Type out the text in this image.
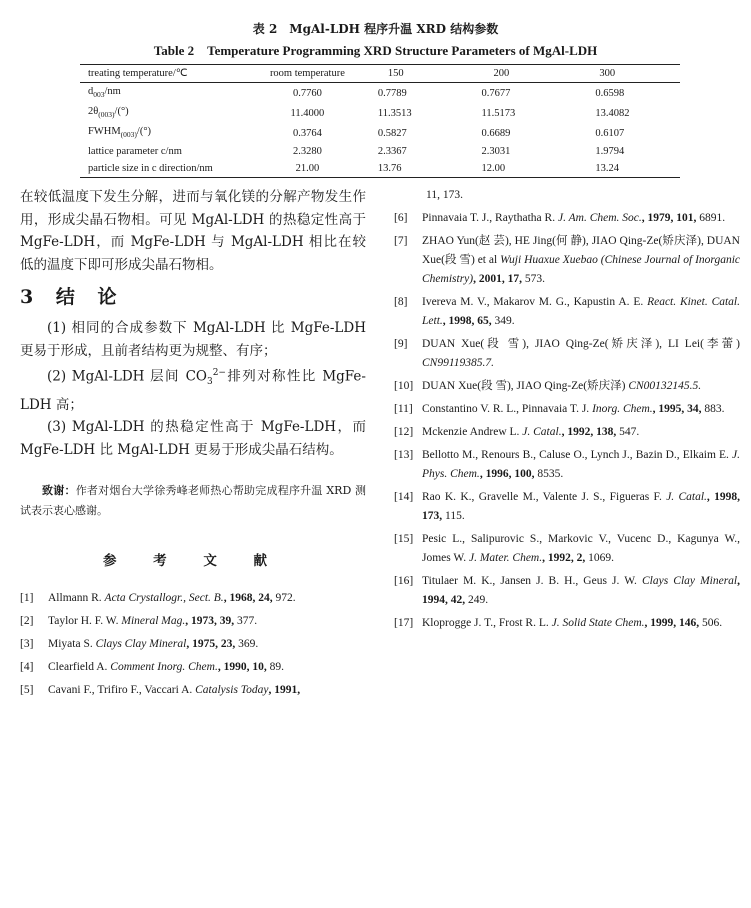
表 2　MgAl-LDH 程序升温 XRD 结构参数
Table 2　Temperature Programming XRD Structure Parameters of MgAl-LDH
treating temperature/℃	room temperature	150	200	300
$d_{003}/nm$	0.7760	0.7789	0.7677	0.6598
$2\theta_{(003)}/(^\circ)$	11.4000	11.3513	11.5173	13.4082
$FWHM_{(003)}/(^\circ)$	0.3764	0.5827	0.6689	0.6107
lattice parameter c/nm	2.3280	2.3367	2.3031	1.9794
particle size in c direction/nm	21.00	13.76	12.00	13.24

在较低温度下发生分解，进而与氧化镁的分解产物发生作用，形成尖晶石物相。可见 MgAl-LDH 的热稳定性高于 MgFe-LDH，而 MgFe-LDH 与 MgAl-LDH 相比在较低的温度下即可形成尖晶石物相。

3 结 论

(1) 相同的合成参数下 MgAl-LDH 比 MgFe-LDH 更易于形成，且前者结构更为规整、有序；

(2) MgAl-LDH 层间 $CO_3^{2-}$排列对称性比 MgFe-LDH 高；

(3) MgAl-LDH 的热稳定性高于 MgFe-LDH，而 MgFe-LDH 比 MgAl-LDH 更易于形成尖晶石结构。

致谢：作者对烟台大学徐秀峰老师热心帮助完成程序升温 XRD 测试表示衷心感谢。

参 考 文 献
[1] Allmann R. Acta Crystallogr., Sect. B., 1968, 24, 972.
[2] Taylor H. F. W. Mineral Mag., 1973, 39, 377.
[3] Miyata S. Clays Clay Mineral, 1975, 23, 369.
[4] Clearfield A. Comment Inorg. Chem., 1990, 10, 89.
[5] Cavani F., Trifiro F., Vaccari A. Catalysis Today, 1991,
11, 173.
[6] Pinnavaia T. J., Raythatha R. J. Am. Chem. Soc., 1979, 101, 6891.
[7] ZHAO Yun(赵 芸), HE Jing(何 静), JIAO Qing-Ze(矫庆泽), DUAN Xue(段 雪) et al Wuji Huaxue Xuebao (Chinese Journal of Inorganic Chemistry), 2001, 17, 573.
[8] Ivereva M. V., Makarov M. G., Kapustin A. E. React. Kinet. Catal. Lett., 1998, 65, 349.
[9] DUAN Xue(段 雪), JIAO Qing-Ze(矫庆泽), LI Lei(李蕾) CN99119385.7.
[10] DUAN Xue(段 雪), JIAO Qing-Ze(矫庆泽) CN00132145.5.
[11] Constantino V. R. L., Pinnavaia T. J. Inorg. Chem., 1995, 34, 883.
[12] Mckenzie Andrew L. J. Catal., 1992, 138, 547.
[13] Bellotto M., Renours B., Caluse O., Lynch J., Bazin D., Elkaim E. J. Phys. Chem., 1996, 100, 8535.
[14] Rao K. K., Gravelle M., Valente J. S., Figueras F. J. Catal., 1998, 173, 115.
[15] Pesic L., Salipurovic S., Markovic V., Vucenc D., Kagunya W., Jomes W. J. Mater. Chem., 1992, 2, 1069.
[16] Titulaer M. K., Jansen J. B. H., Geus J. W. Clays Clay Mineral, 1994, 42, 249.
[17] Kloprogge J. T., Frost R. L. J. Solid State Chem., 1999, 146, 506.
